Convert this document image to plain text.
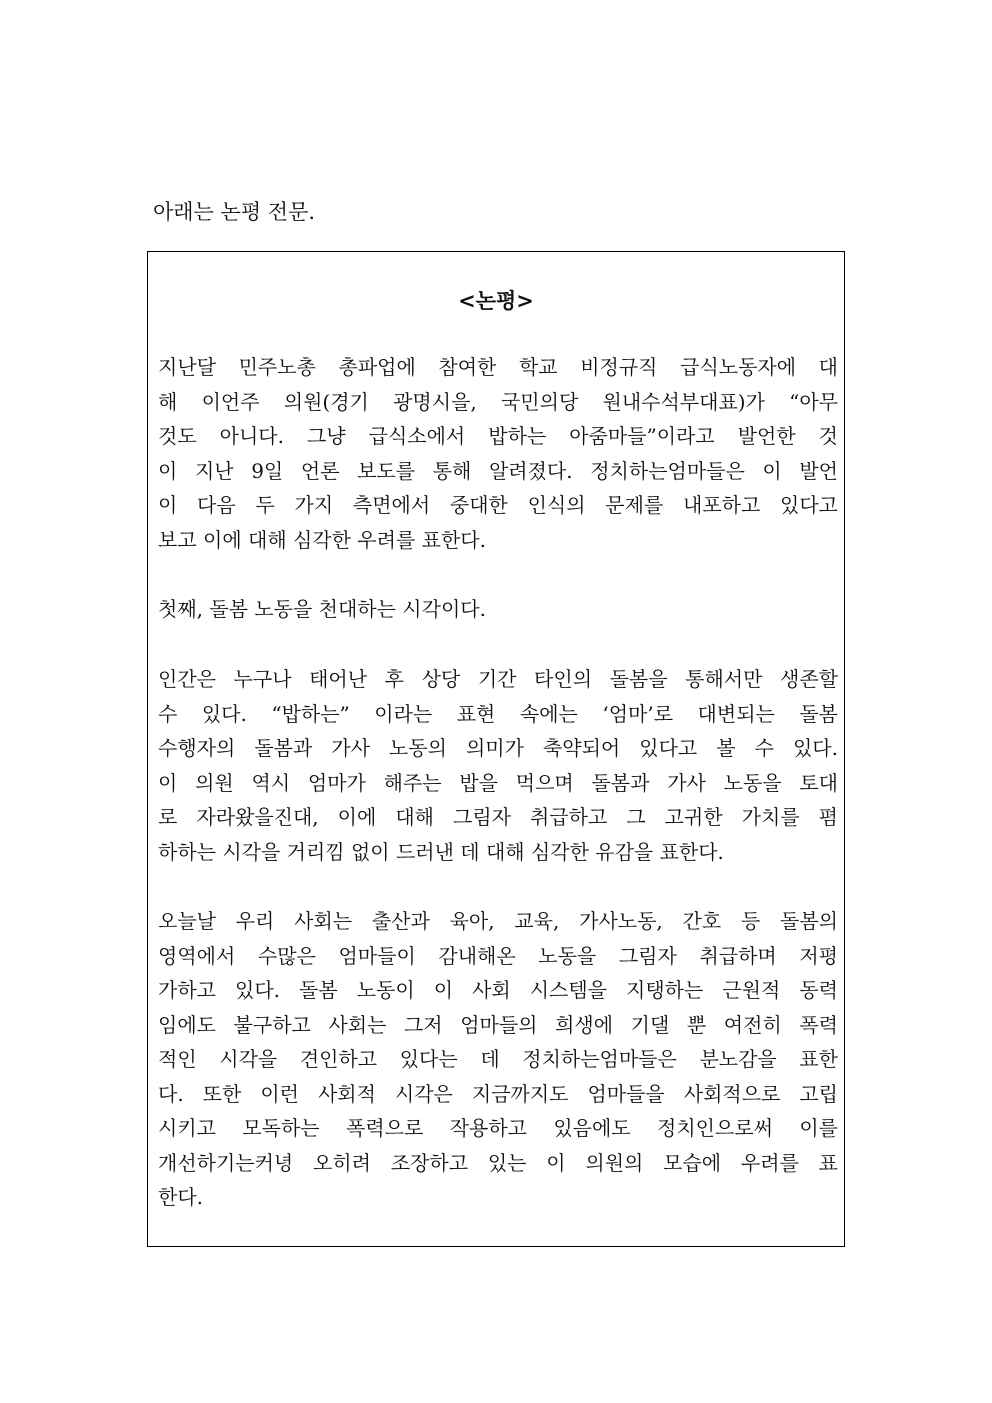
아래는 논평 전문.
<논평>
지난달 민주노총 총파업에 참여한 학교 비정규직 급식노동자에 대
해 이언주 의원(경기 광명시을, 국민의당 원내수석부대표)가 “아무
것도 아니다. 그냥 급식소에서 밥하는 아줌마들”이라고 발언한 것
이 지난 9일 언론 보도를 통해 알려졌다. 정치하는엄마들은 이 발언
이 다음 두 가지 측면에서 중대한 인식의 문제를 내포하고 있다고
보고 이에 대해 심각한 우려를 표한다.
첫째, 돌봄 노동을 천대하는 시각이다.
인간은 누구나 태어난 후 상당 기간 타인의 돌봄을 통해서만 생존할
수 있다. “밥하는” 이라는 표현 속에는 ‘엄마’로 대변되는 돌봄
수행자의 돌봄과 가사 노동의 의미가 축약되어 있다고 볼 수 있다.
이 의원 역시 엄마가 해주는 밥을 먹으며 돌봄과 가사 노동을 토대
로 자라왔을진대, 이에 대해 그림자 취급하고 그 고귀한 가치를 폄
하하는 시각을 거리낌 없이 드러낸 데 대해 심각한 유감을 표한다.
오늘날 우리 사회는 출산과 육아, 교육, 가사노동, 간호 등 돌봄의
영역에서 수많은 엄마들이 감내해온 노동을 그림자 취급하며 저평
가하고 있다. 돌봄 노동이 이 사회 시스템을 지탱하는 근원적 동력
임에도 불구하고 사회는 그저 엄마들의 희생에 기댈 뿐 여전히 폭력
적인 시각을 견인하고 있다는 데 정치하는엄마들은 분노감을 표한
다. 또한 이런 사회적 시각은 지금까지도 엄마들을 사회적으로 고립
시키고 모독하는 폭력으로 작용하고 있음에도 정치인으로써 이를
개선하기는커녕 오히려 조장하고 있는 이 의원의 모습에 우려를 표
한다.
